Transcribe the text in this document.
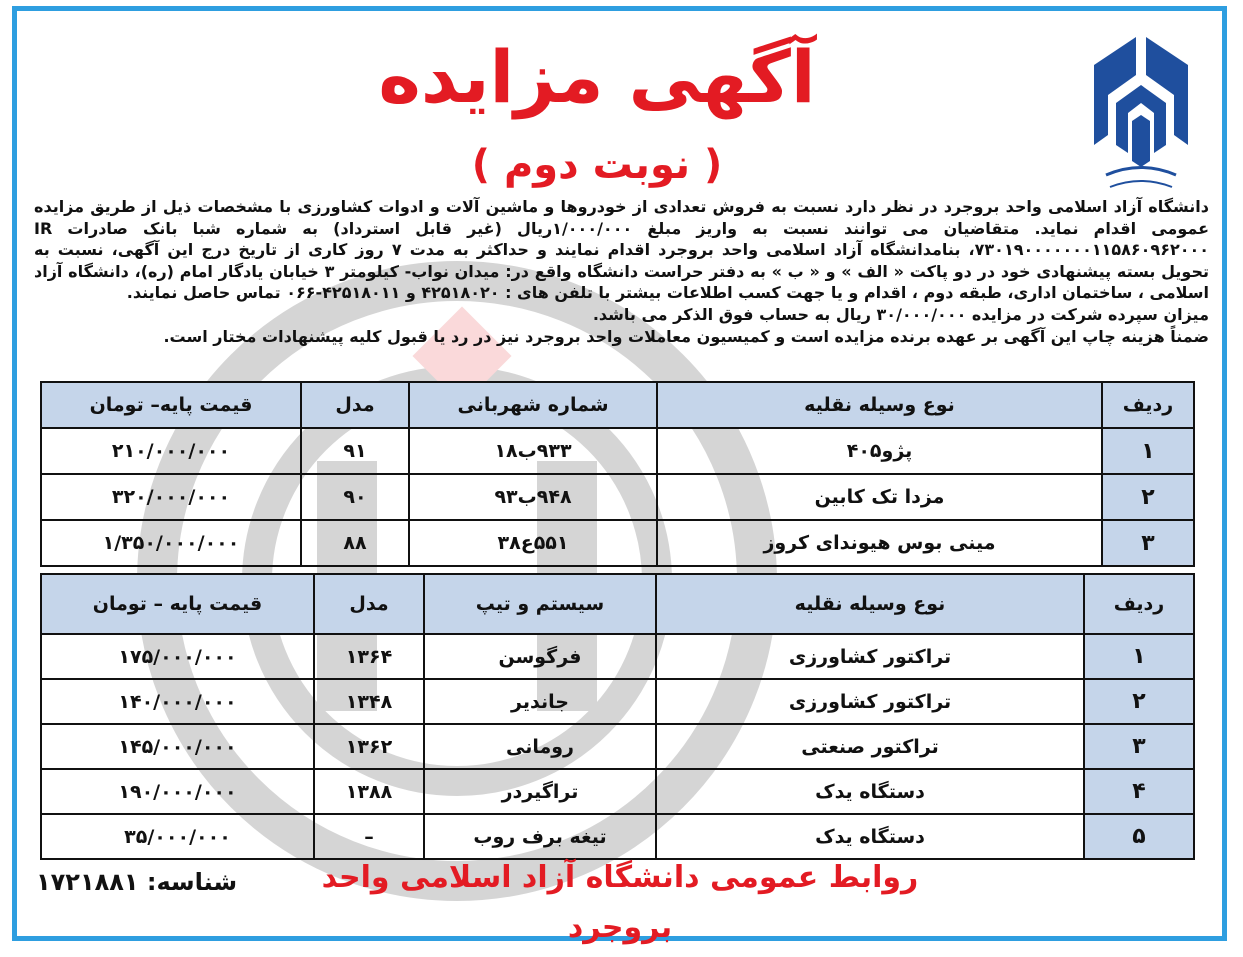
آگهی مزایده
( نوبت دوم )

دانشگاه آزاد اسلامی واحد بروجرد در نظر دارد نسبت به فروش تعدادی از خودروها و ماشین آلات و ادوات کشاورزی با مشخصات ذیل از طریق مزایده عمومی اقدام نماید. متقاضیان می توانند نسبت به واریز مبلغ ۱/۰۰۰/۰۰۰ریال (غیر قابل استرداد) به شماره شبا بانک صادرات IR ۷۳۰۱۹۰۰۰۰۰۰۰۱۱۵۸۶۰۹۶۲۰۰۰، بنامدانشگاه آزاد اسلامی واحد بروجرد اقدام نمایند و حداکثر به مدت ۷ روز کاری از تاریخ درج این آگهی، نسبت به تحویل بسته پیشنهادی خود در دو پاکت « الف » و « ب » به دفتر حراست دانشگاه واقع در: میدان نواب- کیلومتر ۳ خیابان یادگار امام (ره)، دانشگاه آزاد اسلامی ، ساختمان اداری، طبقه دوم ، اقدام و یا جهت کسب اطلاعات بیشتر با تلفن های : ۴۲۵۱۸۰۲۰ و ۴۲۵۱۸۰۱۱-۰۶۶ تماس حاصل نمایند.

میزان سپرده شرکت در مزایده ۳۰/۰۰۰/۰۰۰ ریال به حساب فوق الذکر می باشد.

ضمناً هزینه چاپ این آگهی بر عهده برنده مزایده است و کمیسیون معاملات واحد بروجرد نیز در رد یا قبول کلیه پیشنهادات مختار است.

ردیف	نوع وسیله نقلیه	شماره شهربانی	مدل	قیمت پایه– تومان
۱	پژو۴۰۵	۹۳۳ب۱۸	۹۱	۲۱۰/۰۰۰/۰۰۰
۲	مزدا تک کابین	۹۴۸ب۹۳	۹۰	۳۲۰/۰۰۰/۰۰۰
۳	مینی بوس هیوندای کروز	۵۵۱ع۳۸	۸۸	۱/۳۵۰/۰۰۰/۰۰۰
ردیف	نوع وسیله نقلیه	سیستم و تیپ	مدل	قیمت پایه – تومان
۱	تراکتور کشاورزی	فرگوسن	۱۳۶۴	۱۷۵/۰۰۰/۰۰۰
۲	تراکتور کشاورزی	جاندیر	۱۳۴۸	۱۴۰/۰۰۰/۰۰۰
۳	تراکتور صنعتی	رومانی	۱۳۶۲	۱۴۵/۰۰۰/۰۰۰
۴	دستگاه یدک	تراگیردر	۱۳۸۸	۱۹۰/۰۰۰/۰۰۰
۵	دستگاه یدک	تیغه برف روب	–	۳۵/۰۰۰/۰۰۰
روابط عمومی دانشگاه آزاد اسلامی واحد بروجرد
شناسه: ۱۷۲۱۸۸۱
